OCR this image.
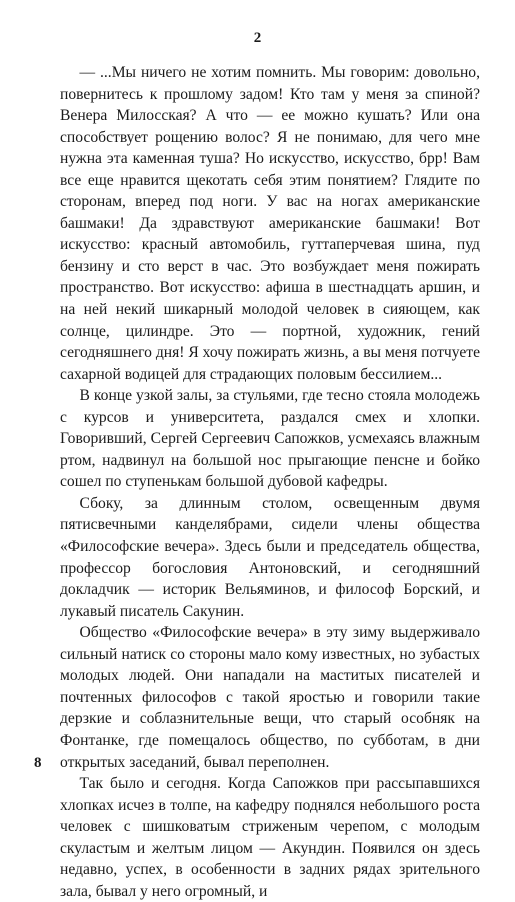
2

— ...Мы ничего не хотим помнить. Мы говорим: довольно, повернитесь к прошлому задом! Кто там у меня за спиной? Венера Милосская? А что — ее можно кушать? Или она способствует рощению волос? Я не понимаю, для чего мне нужна эта каменная туша? Но искусство, искусство, брр! Вам все еще нравится щекотать себя этим понятием? Глядите по сторонам, вперед под ноги. У вас на ногах американские башмаки! Да здравствуют американские башмаки! Вот искусство: красный автомобиль, гуттаперчевая шина, пуд бензину и сто верст в час. Это возбуждает меня пожирать пространство. Вот искусство: афиша в шестнадцать аршин, и на ней некий шикарный молодой человек в сияющем, как солнце, цилиндре. Это — портной, художник, гений сегодняшнего дня! Я хочу пожирать жизнь, а вы меня потчуете сахарной водицей для страдающих половым бессилием...

В конце узкой залы, за стульями, где тесно стояла молодежь с курсов и университета, раздался смех и хлопки. Говоривший, Сергей Сергеевич Сапожков, усмехаясь влажным ртом, надвинул на большой нос прыгающие пенсне и бойко сошел по ступенькам большой дубовой кафедры.

Сбоку, за длинным столом, освещенным двумя пятисвечными канделябрами, сидели члены общества «Философские вечера». Здесь были и председатель общества, профессор богословия Антоновский, и сегодняшний докладчик — историк Вельяминов, и философ Борский, и лукавый писатель Сакунин.

Общество «Философские вечера» в эту зиму выдерживало сильный натиск со стороны мало кому известных, но зубастых молодых людей. Они нападали на маститых писателей и почтенных философов с такой яростью и говорили такие дерзкие и соблазнительные вещи, что старый особняк на Фонтанке, где помещалось общество, по субботам, в дни открытых заседаний, бывал переполнен.

Так было и сегодня. Когда Сапожков при рассыпавшихся хлопках исчез в толпе, на кафедру поднялся небольшого роста человек с шишковатым стриженым черепом, с молодым скуластым и желтым лицом — Акундин. Появился он здесь недавно, успех, в особенности в задних рядах зрительного зала, бывал у него огромный, и

8
